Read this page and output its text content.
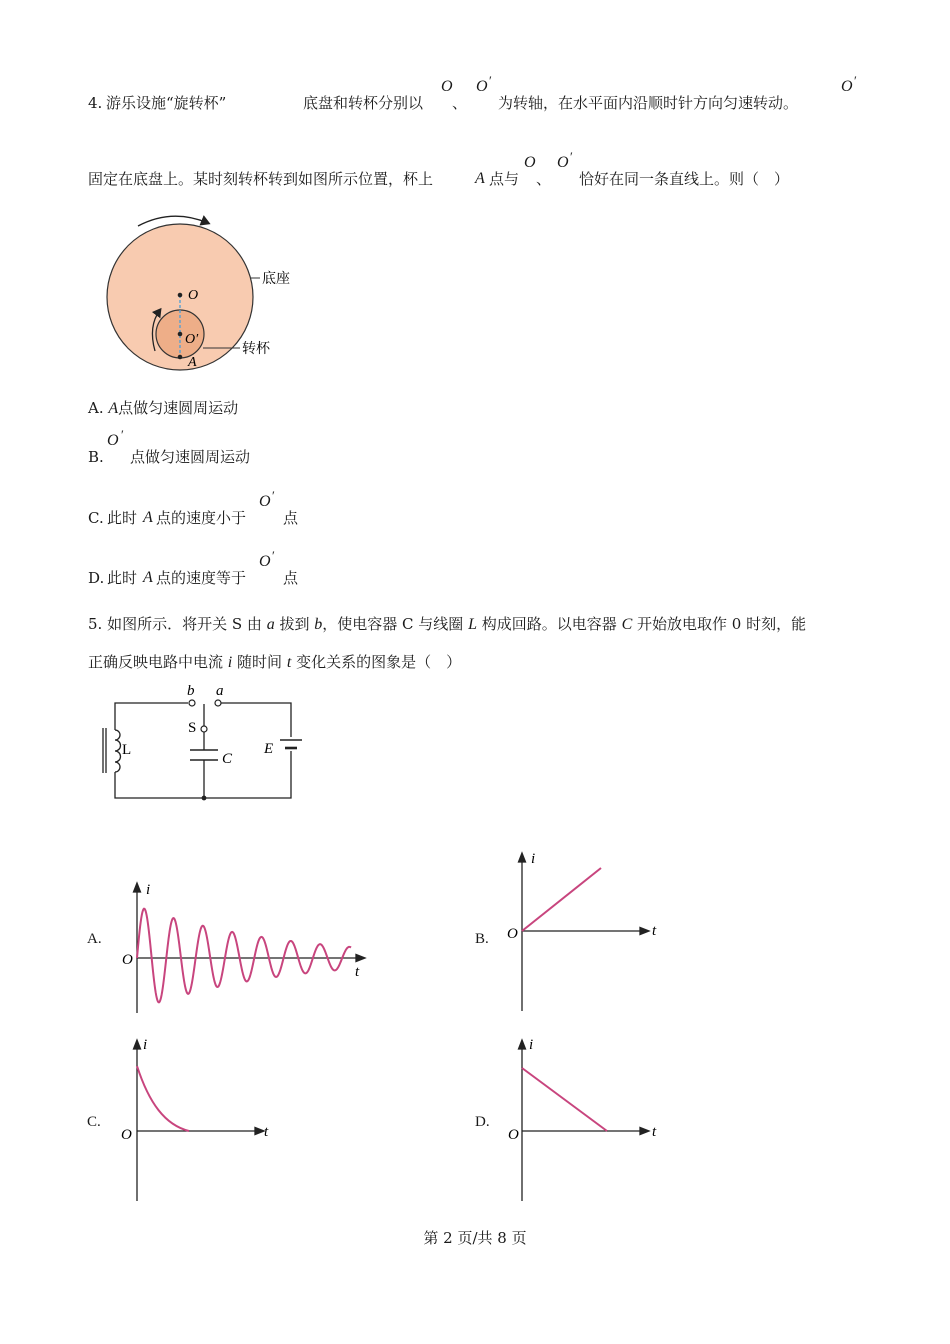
4. 游乐设施“旋转杯”	底盘和转杯分别以
O
、
O ′
为转轴，在水平面内沿顺时针方向匀速转动。
O ′
固定在底盘上。某时刻转杯转到如图所示位置，杯上	A 点与
O
、
O ′
恰好在同一条直线上。则（　）
O
O′
A
底座
转杯
A. A点做匀速圆周运动
B.
O ′
点做匀速圆周运动
C. 此时 A 点的速度小于
O ′
点
D. 此时 A 点的速度等于
O ′
点
5. 如图所示．将开关 S 由 a 拔到 b，使电容器 C 与线圈 L 构成回路。以电容器 C 开始放电取作 0 时刻，能
正确反映电路中电流 i 随时间 t 变化关系的图象是（　）
b a
S
L
C
E
A.	B.
C.	D.
i
t
O
i
t
O
i
t
O
i
t
O
第 2 页/共 8 页
